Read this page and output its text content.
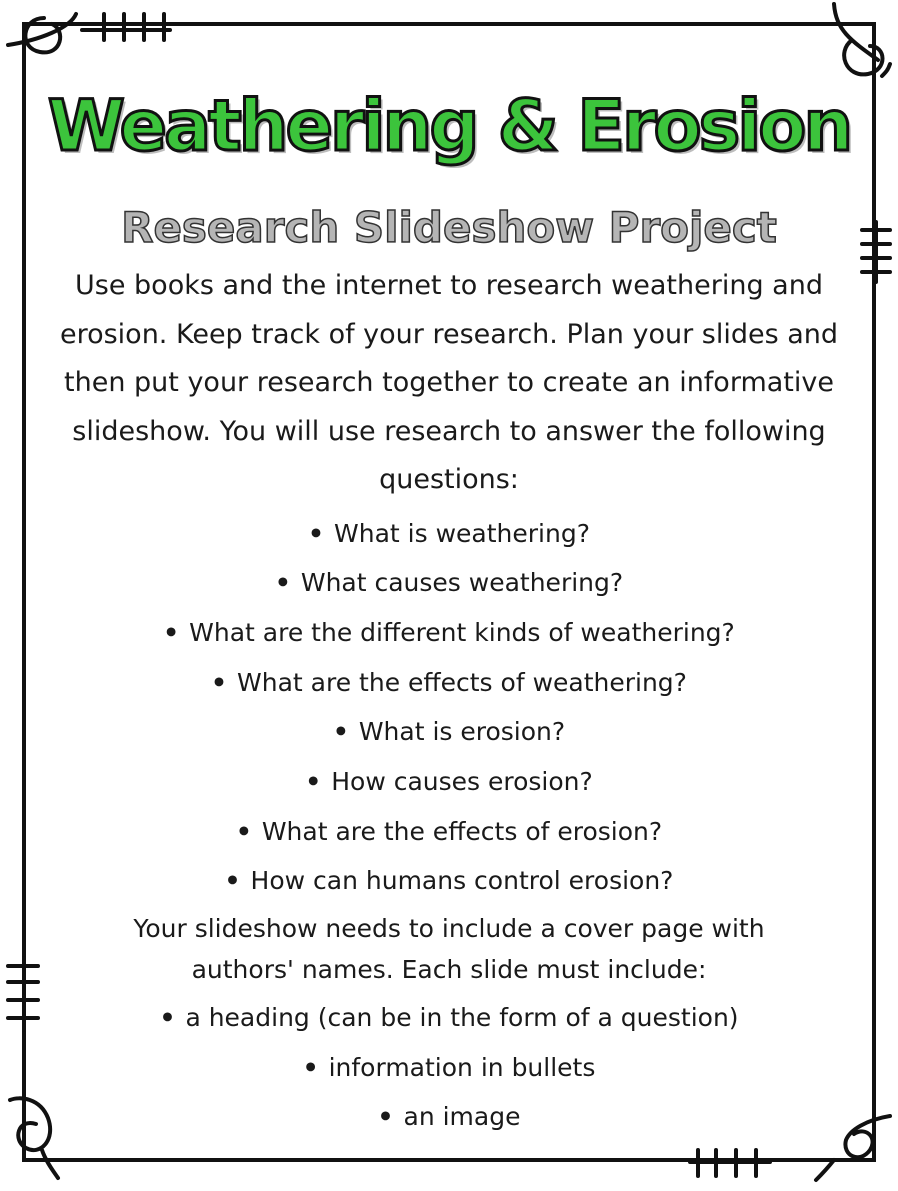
Weathering & Erosion
Research Slideshow Project

Use books and the internet to research weathering and erosion. Keep track of your research. Plan your slides and then put your research together to create an informative slideshow. You will use research to answer the following questions:

• What is weathering?
• What causes weathering?
• What are the different kinds of weathering?
• What are the effects of weathering?
• What is erosion?
• How causes erosion?
• What are the effects of erosion?
• How can humans control erosion?

Your slideshow needs to include a cover page with authors' names. Each slide must include:

• a heading (can be in the form of a question)
• information in bullets
• an image
